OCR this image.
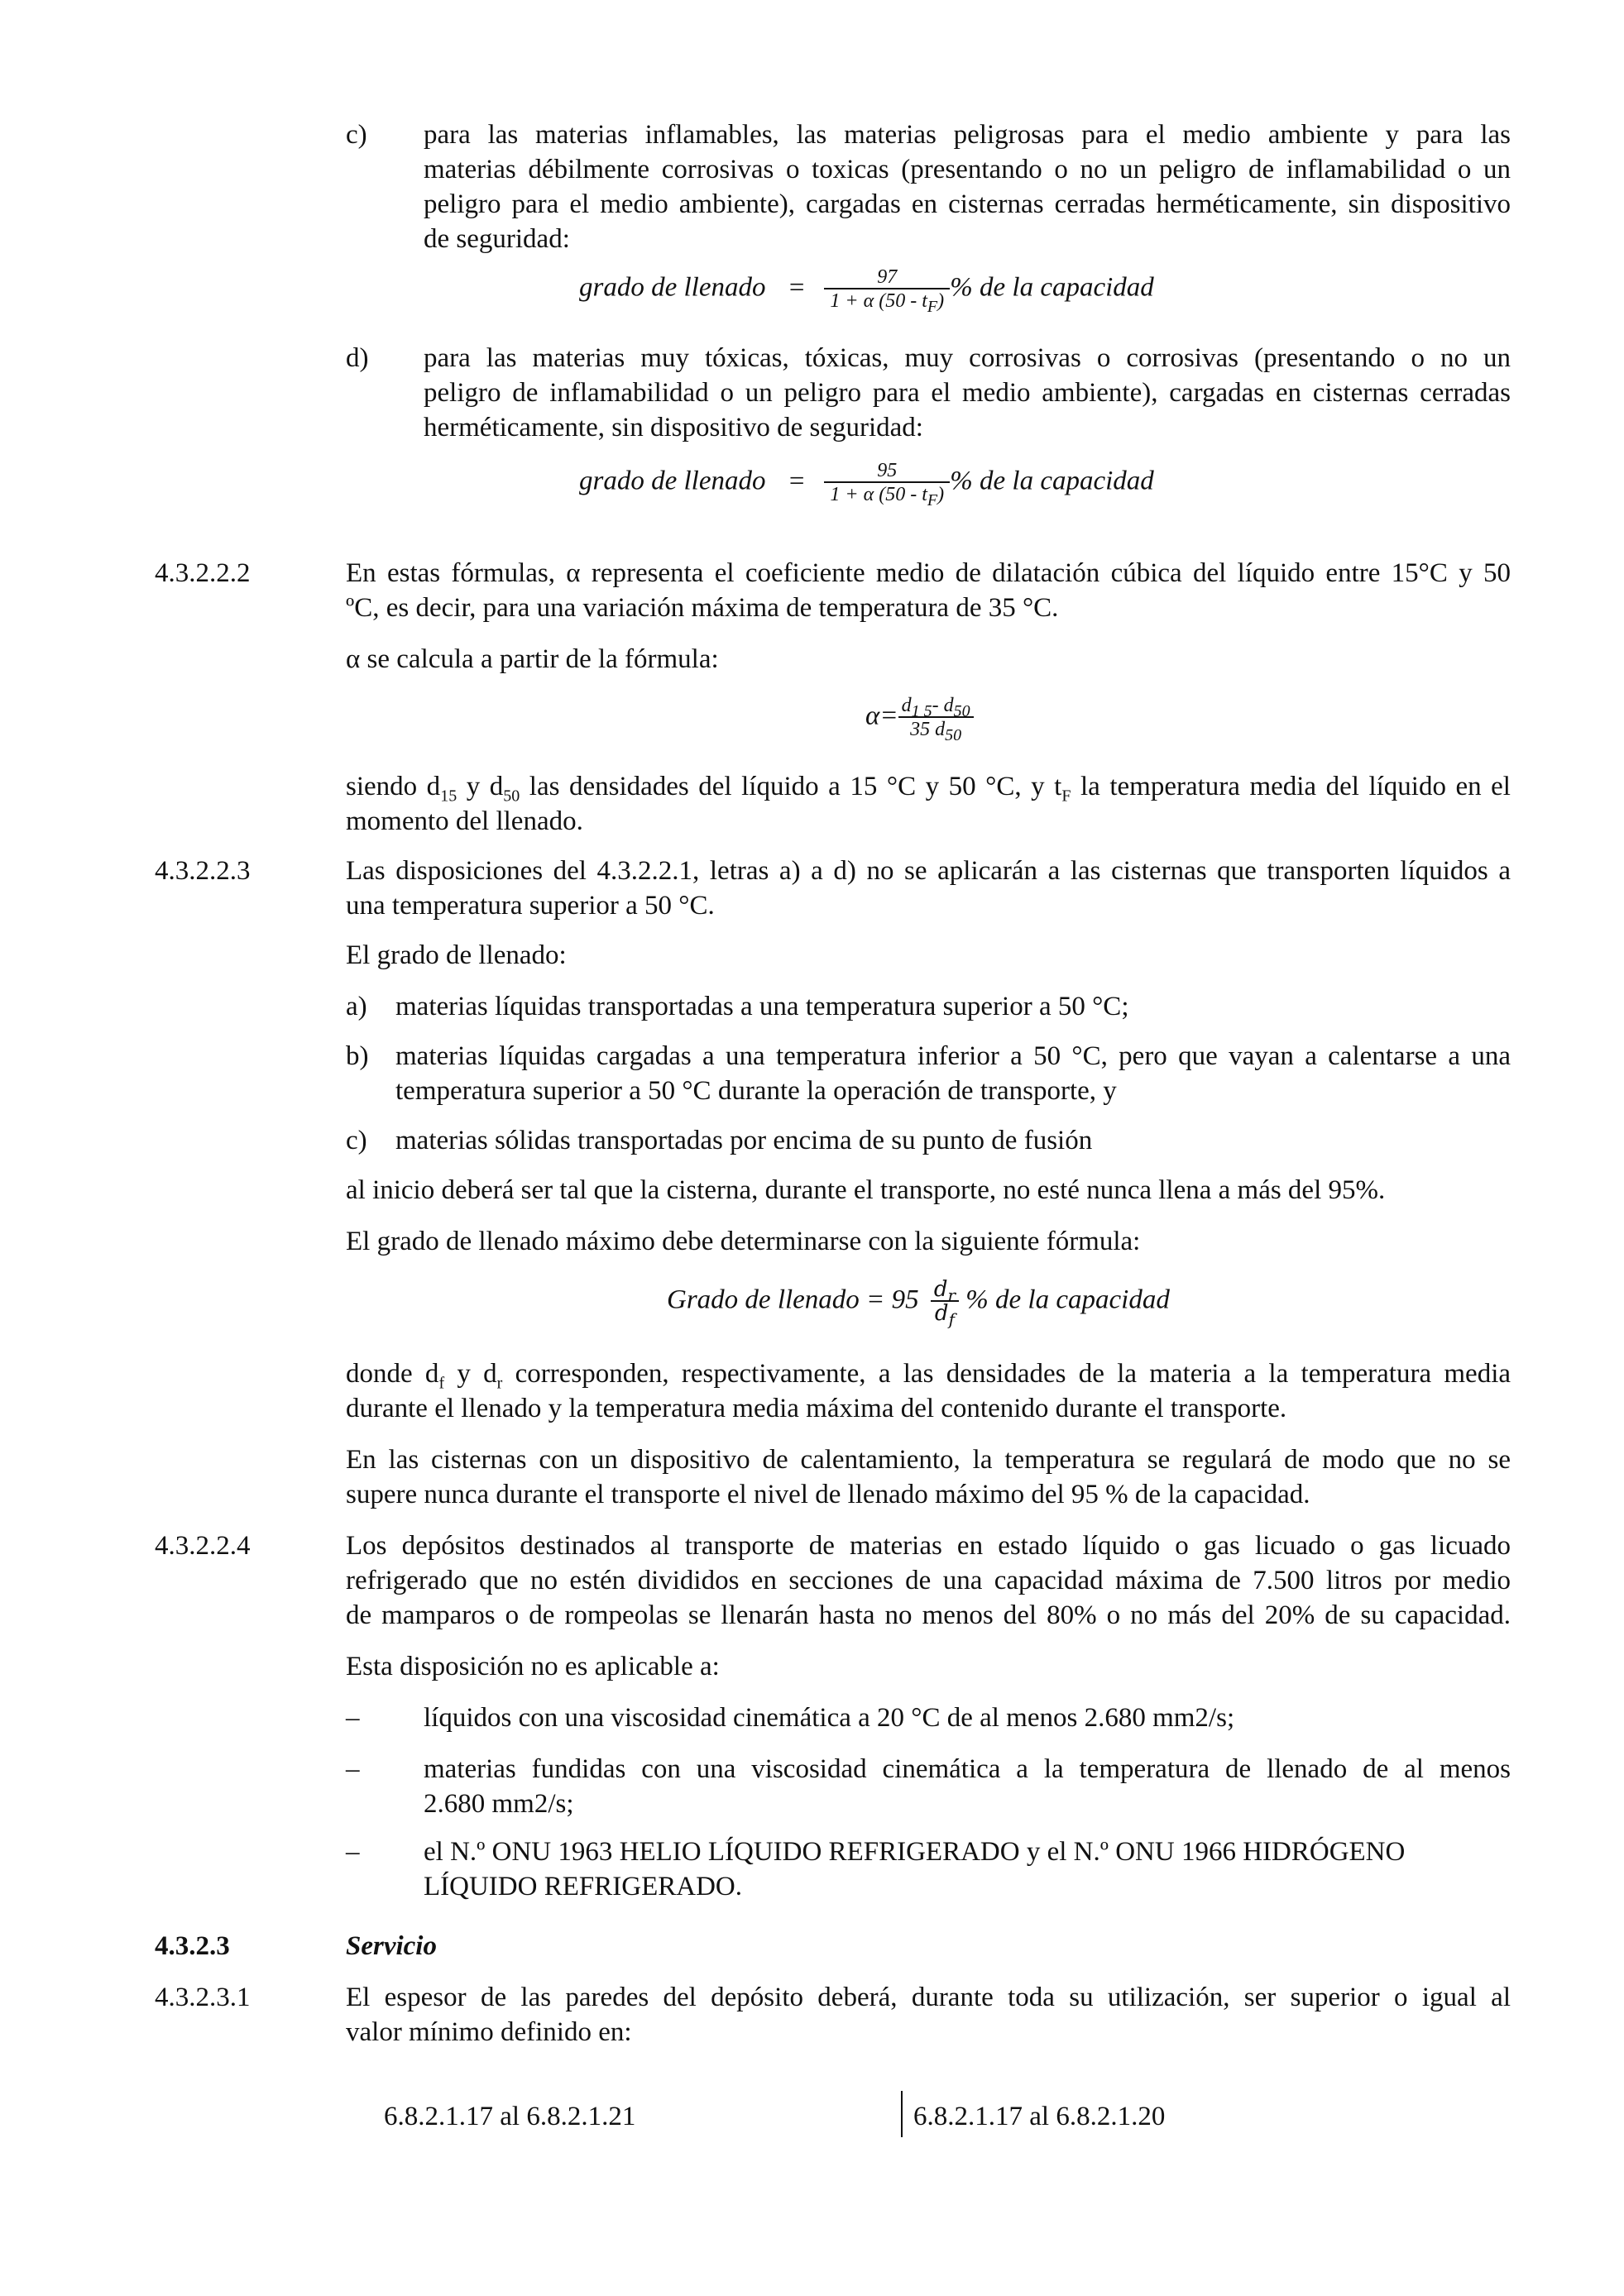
c) para las materias inflamables, las materias peligrosas para el medio ambiente y para las
materias débilmente corrosivas o toxicas (presentando o no un peligro de inflamabilidad o un
peligro para el medio ambiente), cargadas en cisternas cerradas herméticamente, sin dispositivo
de seguridad:
grado de llenado = $\frac{97}{1 + \alpha (50 - t_F)}$ % de la capacidad
d) para las materias muy tóxicas, tóxicas, muy corrosivas o corrosivas (presentando o no un
peligro de inflamabilidad o un peligro para el medio ambiente), cargadas en cisternas cerradas
herméticamente, sin dispositivo de seguridad:
grado de llenado = $\frac{95}{1 + \alpha (50 - t_F)}$ % de la capacidad
4.3.2.2.2	En estas fórmulas, α representa el coeficiente medio de dilatación cúbica del líquido entre 15°C y 50
ºC, es decir, para una variación máxima de temperatura de 35 °C.
α se calcula a partir de la fórmula:
$\alpha= \frac{d_{1 5}- d_{50}}{35 d_{50}}$
siendo $d_{15}$ y $d_{50}$ las densidades del líquido a 15 °C y 50 °C, y $t_F$ la temperatura media del líquido en el
momento del llenado.
4.3.2.2.3	Las disposiciones del 4.3.2.2.1, letras a) a d) no se aplicarán a las cisternas que transporten líquidos a
una temperatura superior a 50 °C.
El grado de llenado:
a) materias líquidas transportadas a una temperatura superior a 50 °C;
b) materias líquidas cargadas a una temperatura inferior a 50 °C, pero que vayan a calentarse a una
temperatura superior a 50 °C durante la operación de transporte, y
c) materias sólidas transportadas por encima de su punto de fusión
al inicio deberá ser tal que la cisterna, durante el transporte, no esté nunca llena a más del 95%.
El grado de llenado máximo debe determinarse con la siguiente fórmula:
Grado de llenado = $95 \frac{d_r}{d_f}$ % de la capacidad
donde $d_f$ y $d_r$ corresponden, respectivamente, a las densidades de la materia a la temperatura media
durante el llenado y la temperatura media máxima del contenido durante el transporte.
En las cisternas con un dispositivo de calentamiento, la temperatura se regulará de modo que no se
supere nunca durante el transporte el nivel de llenado máximo del 95 % de la capacidad.
4.3.2.2.4	Los depósitos destinados al transporte de materias en estado líquido o gas licuado o gas licuado
refrigerado que no estén divididos en secciones de una capacidad máxima de 7.500 litros por medio
de mamparos o de rompeolas se llenarán hasta no menos del 80% o no más del 20% de su capacidad.
Esta disposición no es aplicable a:
– líquidos con una viscosidad cinemática a 20 °C de al menos 2.680 mm2/s;
– materias fundidas con una viscosidad cinemática a la temperatura de llenado de al menos
2.680 mm2/s;
– el N.º ONU 1963 HELIO LÍQUIDO REFRIGERADO y el N.º ONU 1966 HIDRÓGENO
LÍQUIDO REFRIGERADO.
4.3.2.3	Servicio
4.3.2.3.1	El espesor de las paredes del depósito deberá, durante toda su utilización, ser superior o igual al
valor mínimo definido en:
6.8.2.1.17 al 6.8.2.1.21	6.8.2.1.17 al 6.8.2.1.20
